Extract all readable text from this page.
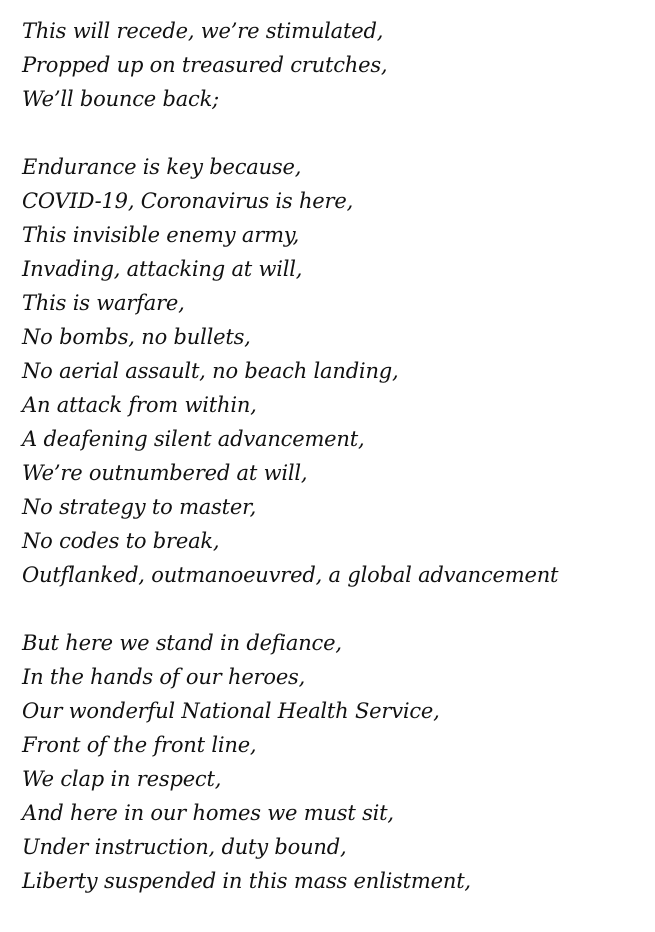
This will recede, we’re stimulated,
Propped up on treasured crutches,
We’ll bounce back;
Endurance is key because,
COVID-19, Coronavirus is here,
This invisible enemy army,
Invading, attacking at will,
This is warfare,
No bombs, no bullets,
No aerial assault, no beach landing,
An attack from within,
A deafening silent advancement,
We’re outnumbered at will,
No strategy to master,
No codes to break,
Outflanked, outmanoeuvred, a global advancement
But here we stand in defiance,
In the hands of our heroes,
Our wonderful National Health Service,
Front of the front line,
We clap in respect,
And here in our homes we must sit,
Under instruction, duty bound,
Liberty suspended in this mass enlistment,
